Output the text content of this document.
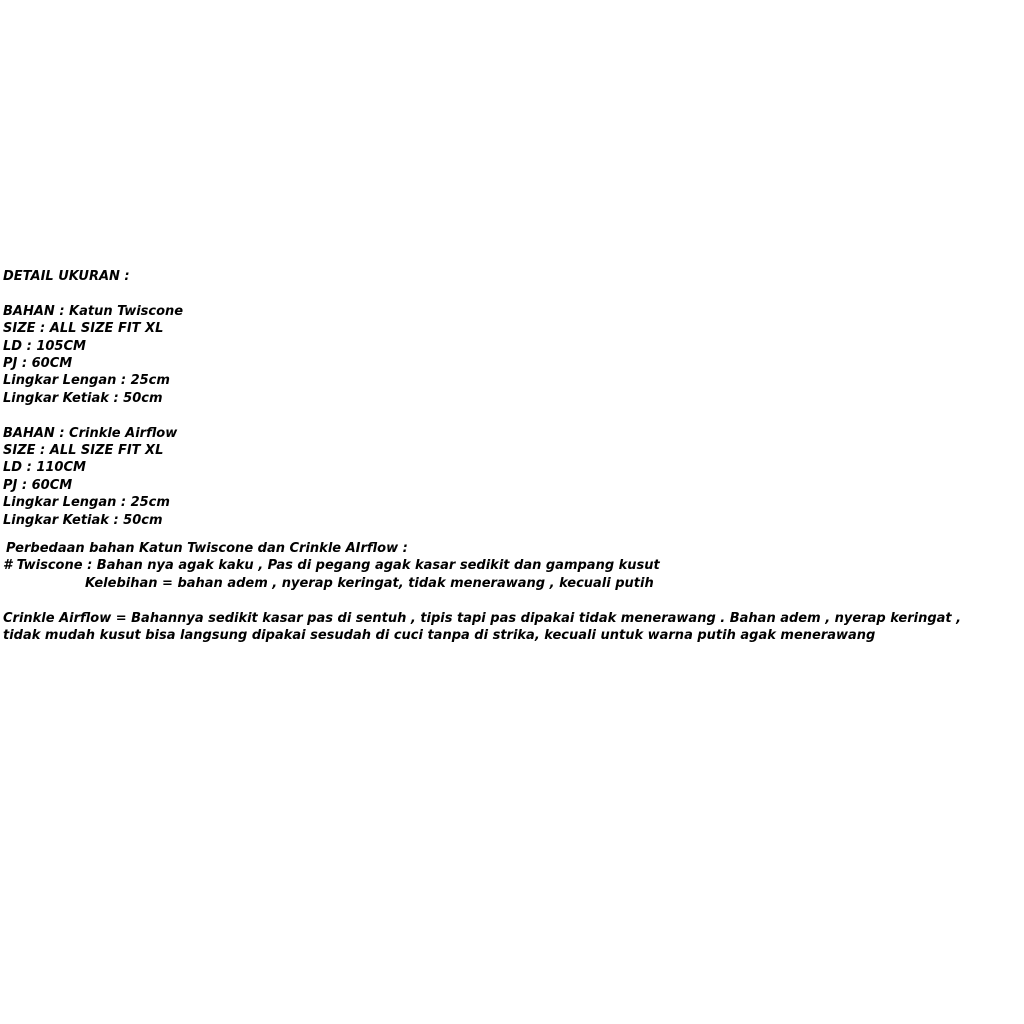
DETAIL UKURAN :
BAHAN : Katun Twiscone
SIZE : ALL SIZE FIT XL
LD : 105CM
PJ : 60CM
Lingkar Lengan : 25cm
Lingkar Ketiak : 50cm
BAHAN : Crinkle Airflow
SIZE : ALL SIZE FIT XL
LD : 110CM
PJ : 60CM
Lingkar Lengan : 25cm
Lingkar Ketiak : 50cm
Perbedaan bahan Katun Twiscone dan Crinkle AIrflow :
# Twiscone : Bahan nya agak kaku , Pas di pegang agak kasar sedikit dan gampang kusut
Kelebihan = bahan adem , nyerap keringat, tidak menerawang , kecuali putih
Crinkle Airflow = Bahannya sedikit kasar pas di sentuh , tipis tapi pas dipakai tidak menerawang . Bahan adem , nyerap keringat , tidak mudah kusut bisa langsung dipakai sesudah di cuci tanpa di strika, kecuali untuk warna putih agak menerawang
